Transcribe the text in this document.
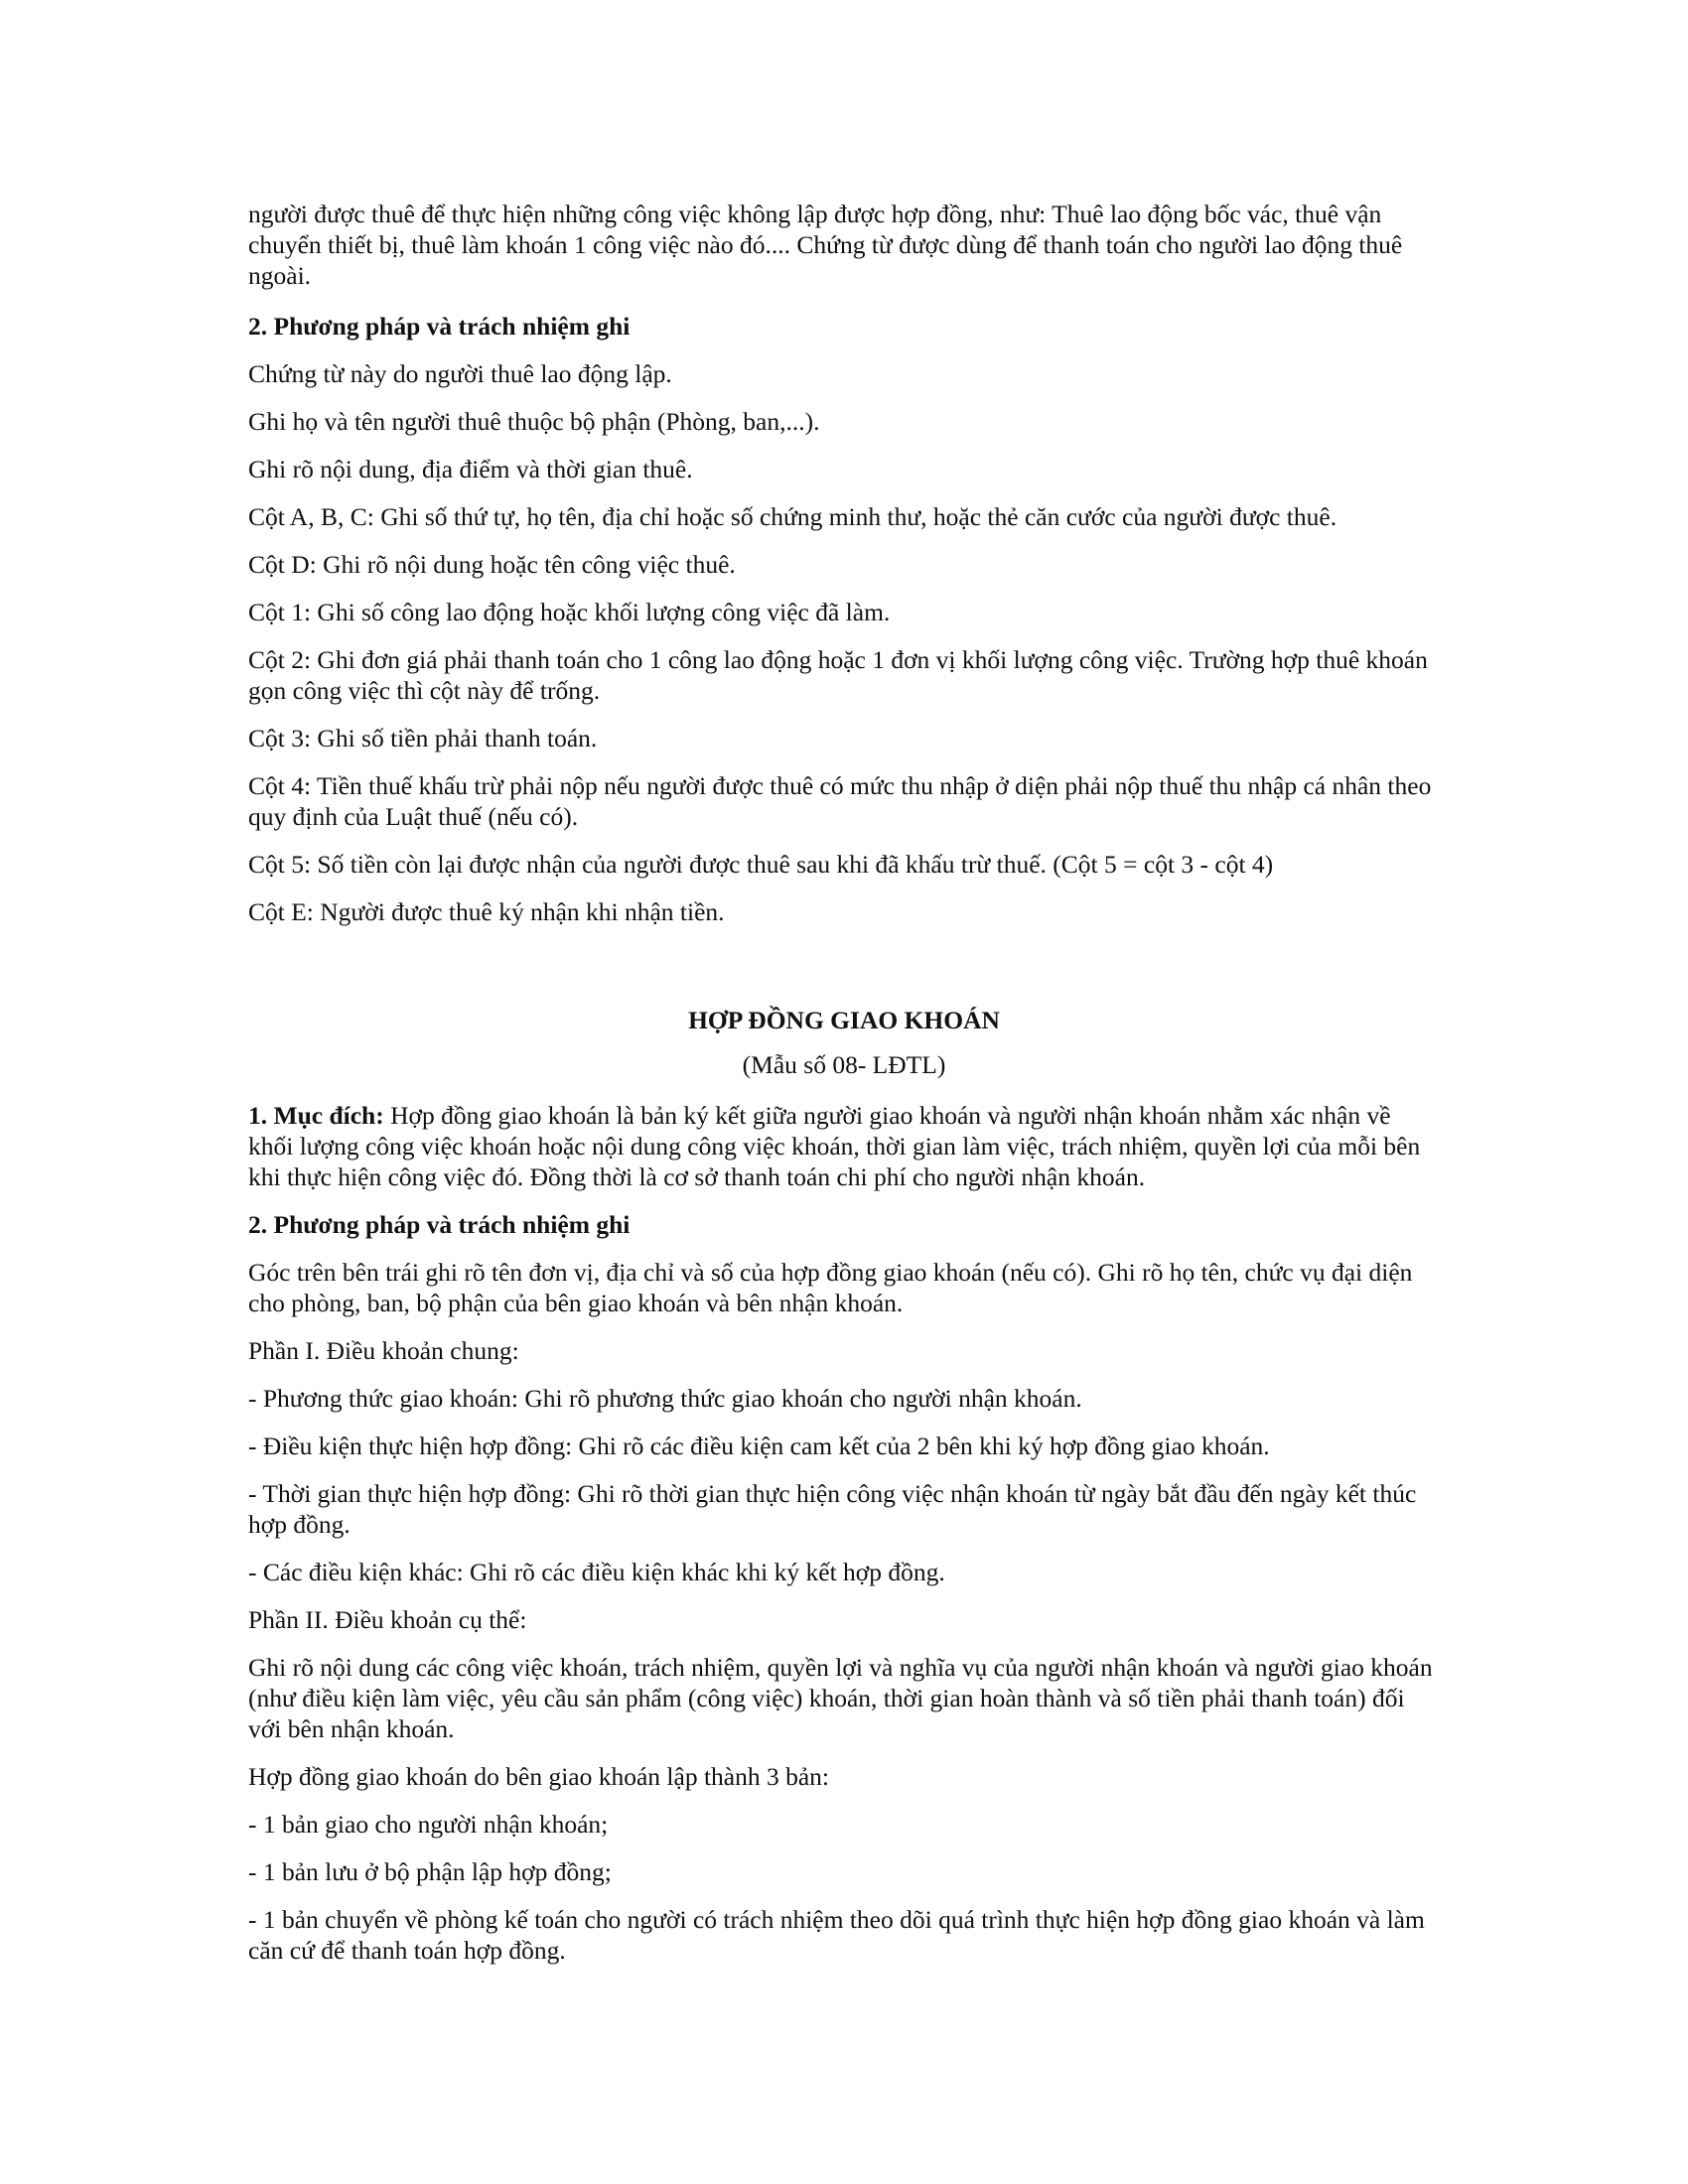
người được thuê để thực hiện những công việc không lập được hợp đồng, như: Thuê lao động bốc vác, thuê vận chuyển thiết bị, thuê làm khoán 1 công việc nào đó.... Chứng từ được dùng để thanh toán cho người lao động thuê ngoài.

2. Phương pháp và trách nhiệm ghi

Chứng từ này do người thuê lao động lập.

Ghi họ và tên người thuê thuộc bộ phận (Phòng, ban,...).

Ghi rõ nội dung, địa điểm và thời gian thuê.

Cột A, B, C: Ghi số thứ tự, họ tên, địa chỉ hoặc số chứng minh thư, hoặc thẻ căn cước của người được thuê.

Cột D: Ghi rõ nội dung hoặc tên công việc thuê.

Cột 1: Ghi số công lao động hoặc khối lượng công việc đã làm.

Cột 2: Ghi đơn giá phải thanh toán cho 1 công lao động hoặc 1 đơn vị khối lượng công việc. Trường hợp thuê khoán gọn công việc thì cột này để trống.

Cột 3: Ghi số tiền phải thanh toán.

Cột 4: Tiền thuế khấu trừ phải nộp nếu người được thuê có mức thu nhập ở diện phải nộp thuế thu nhập cá nhân theo quy định của Luật thuế (nếu có).

Cột 5: Số tiền còn lại được nhận của người được thuê sau khi đã khấu trừ thuế. (Cột 5 = cột 3 - cột 4)

Cột E: Người được thuê ký nhận khi nhận tiền.

HỢP ĐỒNG GIAO KHOÁN
(Mẫu số 08- LĐTL)

1. Mục đích: Hợp đồng giao khoán là bản ký kết giữa người giao khoán và người nhận khoán nhằm xác nhận về khối lượng công việc khoán hoặc nội dung công việc khoán, thời gian làm việc, trách nhiệm, quyền lợi của mỗi bên khi thực hiện công việc đó. Đồng thời là cơ sở thanh toán chi phí cho người nhận khoán.

2. Phương pháp và trách nhiệm ghi

Góc trên bên trái ghi rõ tên đơn vị, địa chỉ và số của hợp đồng giao khoán (nếu có). Ghi rõ họ tên, chức vụ đại diện cho phòng, ban, bộ phận của bên giao khoán và bên nhận khoán.

Phần I. Điều khoản chung:

- Phương thức giao khoán: Ghi rõ phương thức giao khoán cho người nhận khoán.

- Điều kiện thực hiện hợp đồng: Ghi rõ các điều kiện cam kết của 2 bên khi ký hợp đồng giao khoán.

- Thời gian thực hiện hợp đồng: Ghi rõ thời gian thực hiện công việc nhận khoán từ ngày bắt đầu đến ngày kết thúc hợp đồng.

- Các điều kiện khác: Ghi rõ các điều kiện khác khi ký kết hợp đồng.

Phần II. Điều khoản cụ thể:

Ghi rõ nội dung các công việc khoán, trách nhiệm, quyền lợi và nghĩa vụ của người nhận khoán và người giao khoán (như điều kiện làm việc, yêu cầu sản phẩm (công việc) khoán, thời gian hoàn thành và số tiền phải thanh toán) đối với bên nhận khoán.

Hợp đồng giao khoán do bên giao khoán lập thành 3 bản:

- 1 bản giao cho người nhận khoán;

- 1 bản lưu ở bộ phận lập hợp đồng;

- 1 bản chuyển về phòng kế toán cho người có trách nhiệm theo dõi quá trình thực hiện hợp đồng giao khoán và làm căn cứ để thanh toán hợp đồng.
